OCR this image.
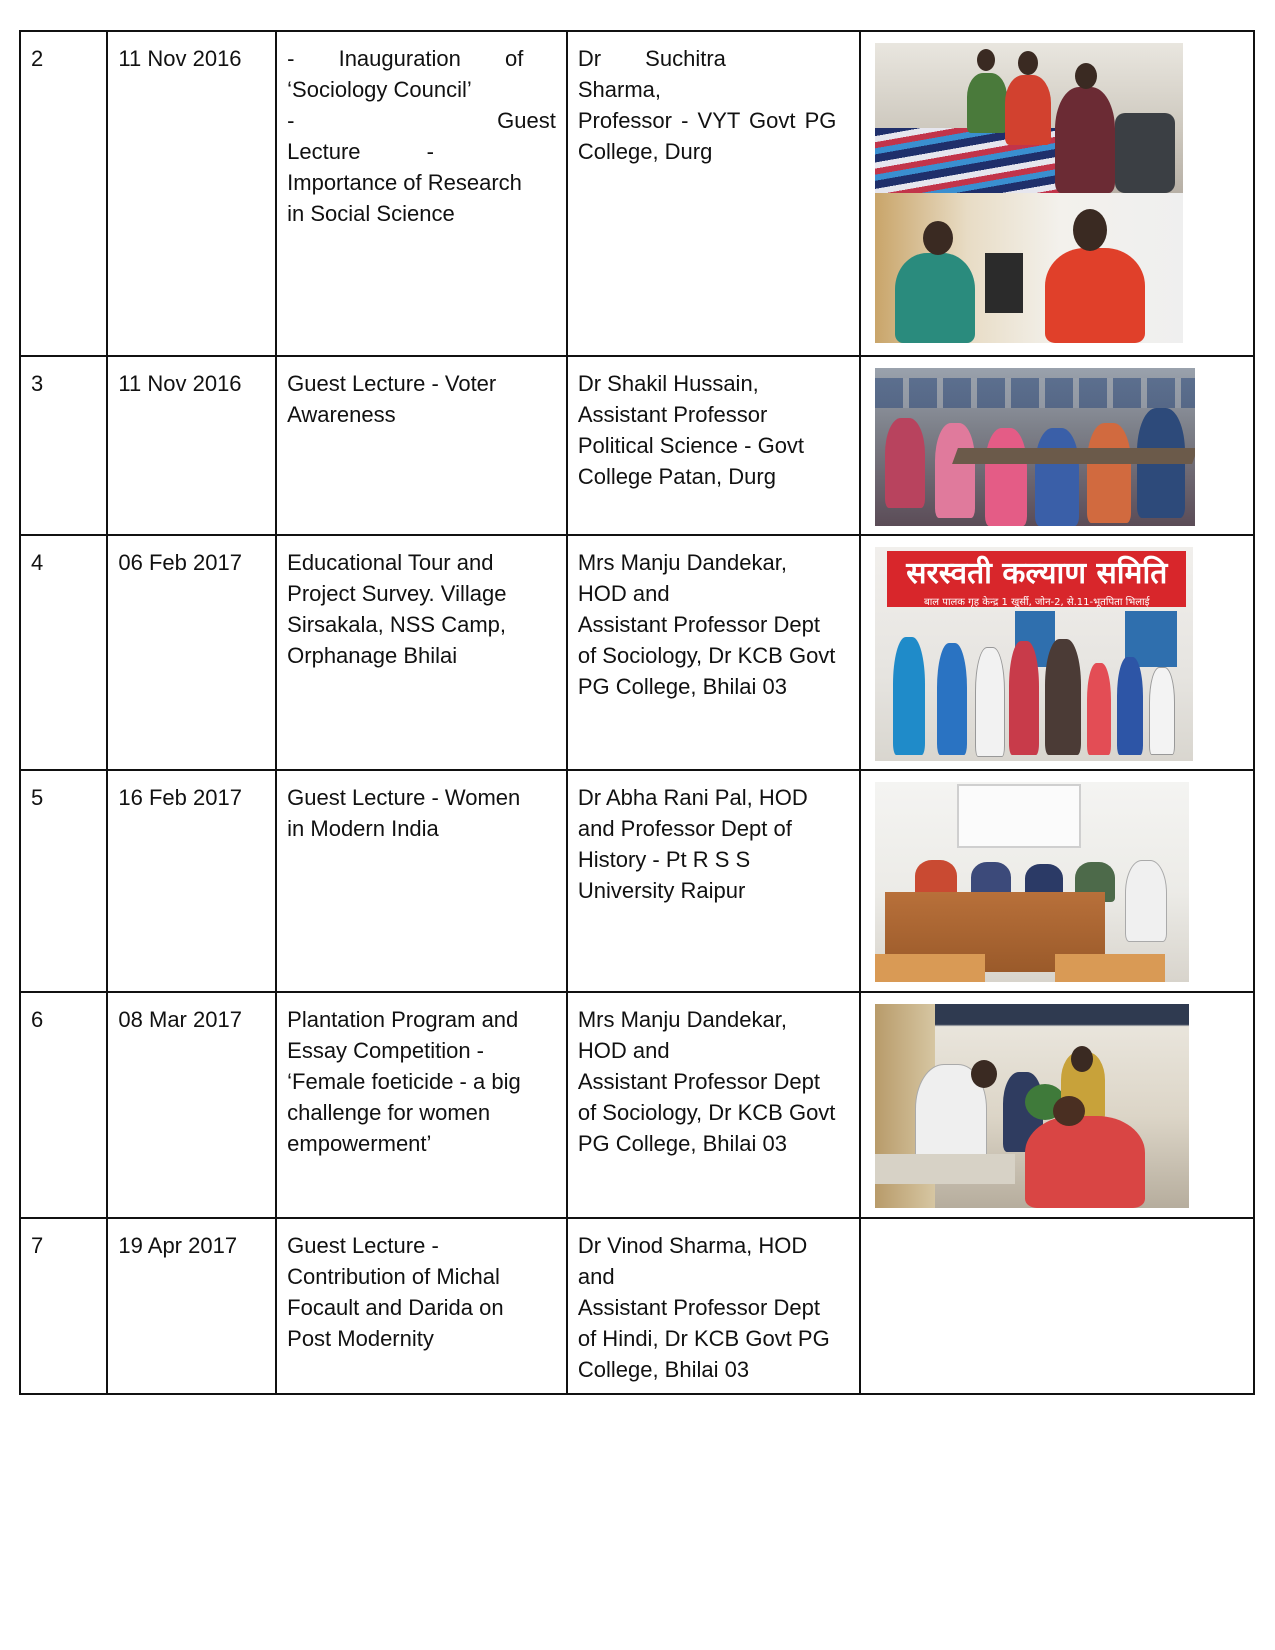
2	11 Nov 2016	- Inauguration of
‘Sociology Council’
- Guest Lecture -
Importance of Research
in Social Science	Dr Suchitra Sharma,
Professor - VYT Govt PG
College, Durg	

3	11 Nov 2016	Guest Lecture - Voter
Awareness	Dr Shakil Hussain,
Assistant Professor
Political Science - Govt
College Patan, Durg	

4	06 Feb 2017	Educational Tour and
Project Survey. Village
Sirsakala, NSS Camp,
Orphanage Bhilai	Mrs Manju Dandekar,
HOD and
Assistant Professor Dept
of Sociology, Dr KCB Govt
PG College, Bhilai 03	सरस्वती कल्याण समिति
बाल पालक गृह केन्द्र 1 खुर्सी, जोन-2, से.11-भूतपिता भिलाई

5	16 Feb 2017	Guest Lecture - Women
in Modern India	Dr Abha Rani Pal, HOD
and Professor Dept of
History - Pt R S S
University Raipur	

6	08 Mar 2017	Plantation Program and
Essay Competition -
‘Female foeticide - a big
challenge for women
empowerment’	Mrs Manju Dandekar,
HOD and
Assistant Professor Dept
of Sociology, Dr KCB Govt
PG College, Bhilai 03	

7	19 Apr 2017	Guest Lecture -
Contribution of Michal
Focault and Darida on
Post Modernity	Dr Vinod Sharma, HOD
and
Assistant Professor Dept
of Hindi, Dr KCB Govt PG
College, Bhilai 03	
